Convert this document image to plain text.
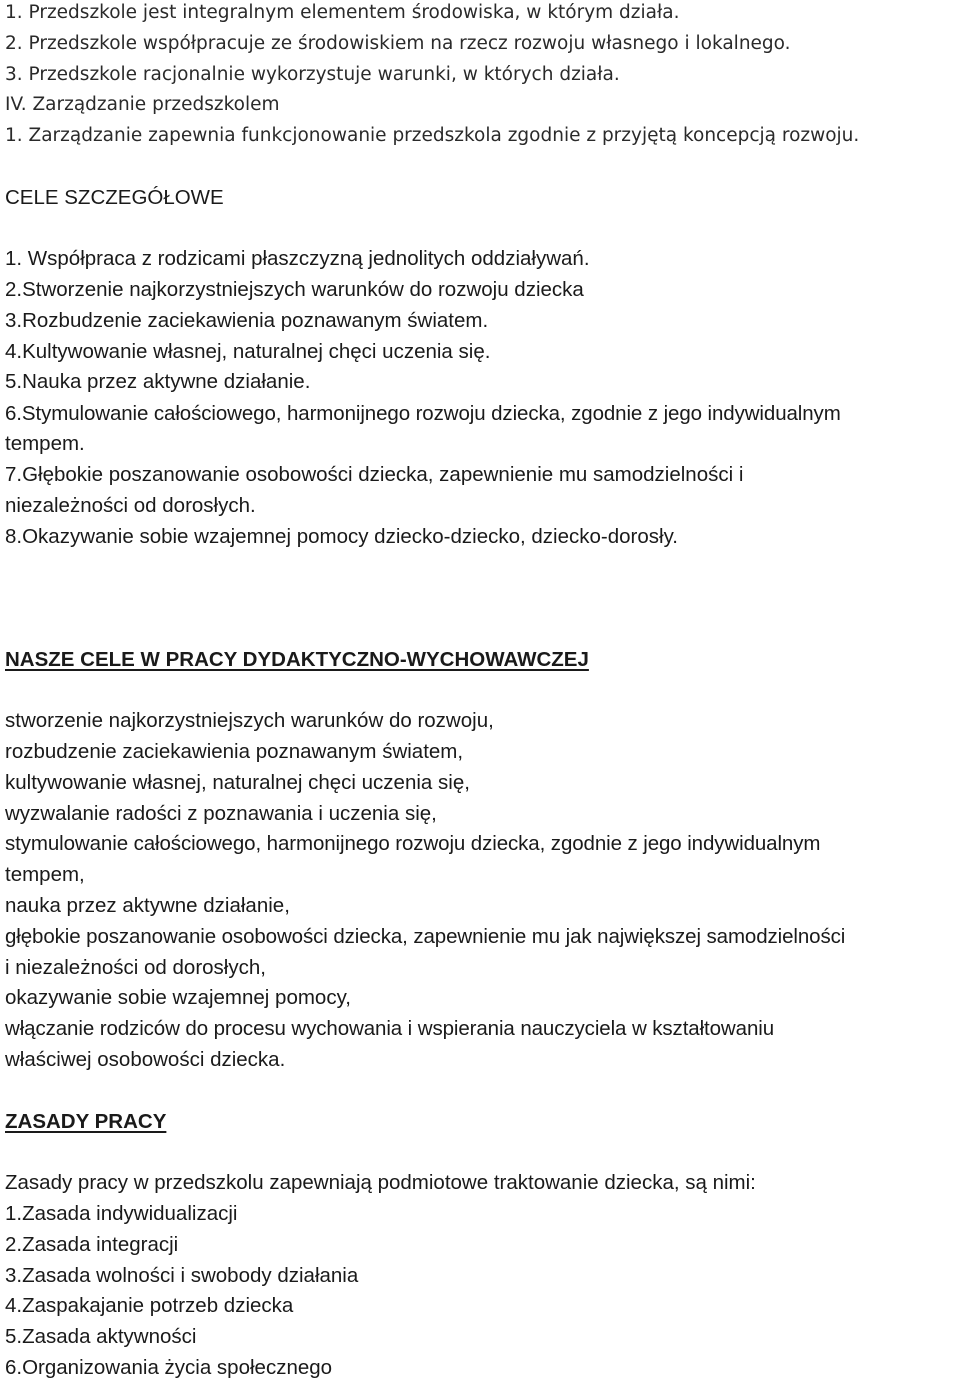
1. Przedszkole jest integralnym elementem środowiska, w którym działa.
2. Przedszkole współpracuje ze środowiskiem na rzecz rozwoju własnego i lokalnego.
3. Przedszkole racjonalnie wykorzystuje warunki, w których działa.
IV. Zarządzanie przedszkolem
1. Zarządzanie zapewnia funkcjonowanie przedszkola zgodnie z przyjętą koncepcją rozwoju.
CELE SZCZEGÓŁOWE
1. Współpraca z rodzicami płaszczyzną jednolitych oddziaływań.
2.Stworzenie najkorzystniejszych warunków do rozwoju dziecka
3.Rozbudzenie zaciekawienia poznawanym światem.
4.Kultywowanie własnej, naturalnej chęci uczenia się.
5.Nauka przez aktywne działanie.
6.Stymulowanie całościowego, harmonijnego rozwoju dziecka, zgodnie z jego indywidualnym
tempem.
7.Głębokie poszanowanie osobowości dziecka, zapewnienie mu samodzielności i
niezależności od dorosłych.
8.Okazywanie sobie wzajemnej pomocy dziecko-dziecko, dziecko-dorosły.
NASZE CELE W PRACY DYDAKTYCZNO-WYCHOWAWCZEJ
stworzenie najkorzystniejszych warunków do rozwoju,
rozbudzenie zaciekawienia poznawanym światem,
kultywowanie własnej, naturalnej chęci uczenia się,
wyzwalanie radości z poznawania i uczenia się,
stymulowanie całościowego, harmonijnego rozwoju dziecka, zgodnie z jego indywidualnym
tempem,
nauka przez aktywne działanie,
głębokie poszanowanie osobowości dziecka, zapewnienie mu jak największej samodzielności
i niezależności od dorosłych,
okazywanie sobie wzajemnej pomocy,
włączanie rodziców do procesu wychowania i wspierania nauczyciela w kształtowaniu
właściwej osobowości dziecka.
ZASADY PRACY
Zasady pracy w przedszkolu zapewniają podmiotowe traktowanie dziecka, są nimi:
1.Zasada indywidualizacji
2.Zasada integracji
3.Zasada wolności i swobody działania
4.Zaspakajanie potrzeb dziecka
5.Zasada aktywności
6.Organizowania życia społecznego
